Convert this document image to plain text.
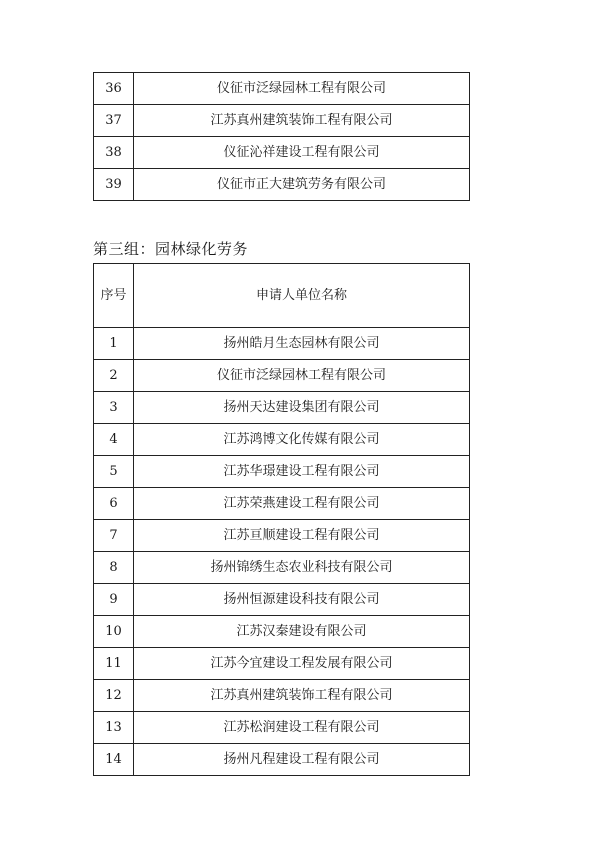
36	仪征市泛绿园林工程有限公司
37	江苏真州建筑装饰工程有限公司
38	仪征沁祥建设工程有限公司
39	仪征市正大建筑劳务有限公司
第三组：园林绿化劳务
序号	申请人单位名称
1	扬州皓月生态园林有限公司
2	仪征市泛绿园林工程有限公司
3	扬州天达建设集团有限公司
4	江苏鸿博文化传媒有限公司
5	江苏华璟建设工程有限公司
6	江苏荣燕建设工程有限公司
7	江苏亘顺建设工程有限公司
8	扬州锦绣生态农业科技有限公司
9	扬州恒源建设科技有限公司
10	江苏汉秦建设有限公司
11	江苏今宜建设工程发展有限公司
12	江苏真州建筑装饰工程有限公司
13	江苏松润建设工程有限公司
14	扬州凡程建设工程有限公司
